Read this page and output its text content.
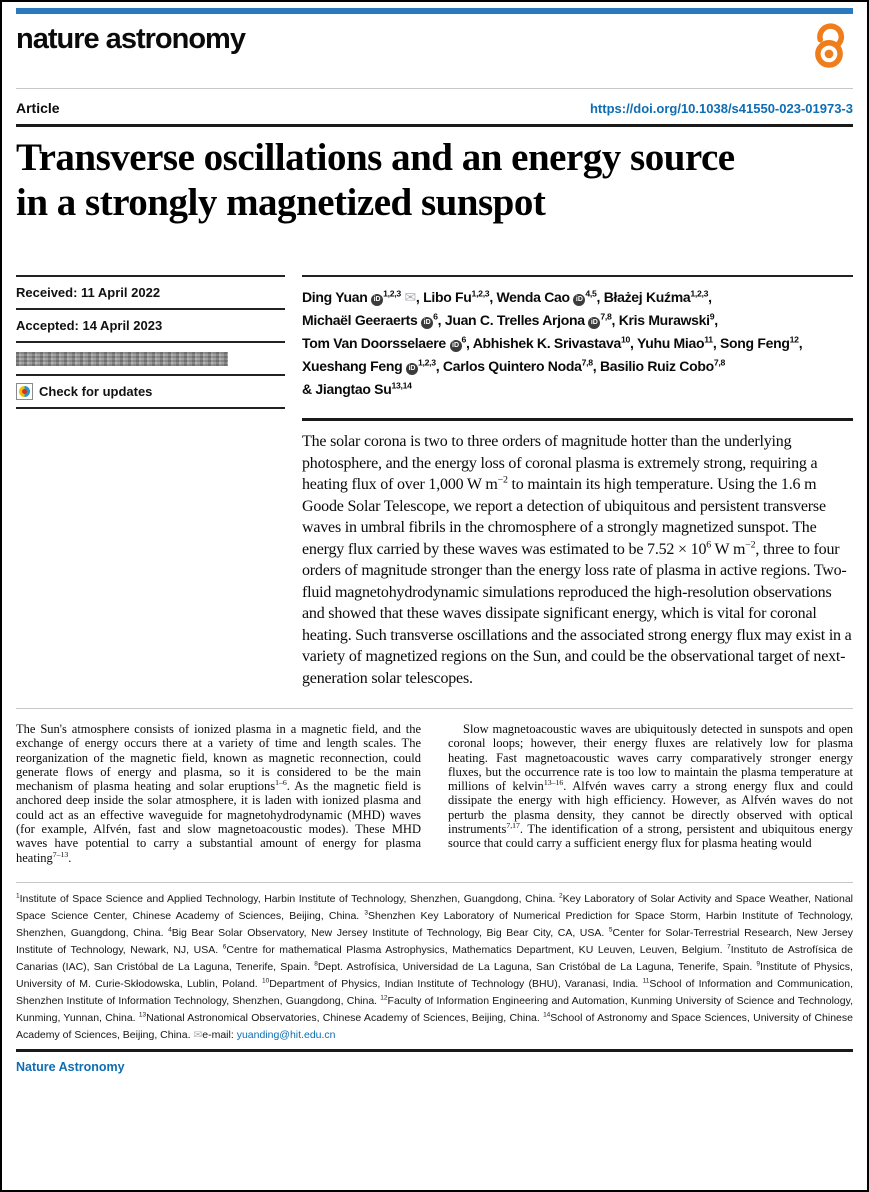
nature astronomy
Article	https://doi.org/10.1038/s41550-023-01973-3
Transverse oscillations and an energy source
in a strongly magnetized sunspot
Received: 11 April 2022
Accepted: 14 April 2023
Check for updates
Ding Yuan iD$^{1,2,3}$ ✉, Libo Fu$^{1,2,3}$, Wenda Cao iD$^{4,5}$, Błażej Kuźma$^{1,2,3}$,
Michaël Geeraerts $iD^6$, Juan C. Trelles Arjona iD$^{7,8}$, Kris Murawski$^9$,
Tom Van Doorsselaere $iD^6$, Abhishek K. Srivastava$^{10}$, Yuhu Miao$^{11}$, Song Feng$^{12}$,
Xueshang Feng iD$^{1,2,3}$, Carlos Quintero Noda$^{7,8}$, Basilio Ruiz Cobo$^{7,8}$
& Jiangtao Su$^{13,14}$

The solar corona is two to three orders of magnitude hotter than the underlying photosphere, and the energy loss of coronal plasma is extremely strong, requiring a heating flux of over 1,000 W $m^{-2}$ to maintain its high temperature. Using the 1.6 m Goode Solar Telescope, we report a detection of ubiquitous and persistent transverse waves in umbral fibrils in the chromosphere of a strongly magnetized sunspot. The energy flux carried by these waves was estimated to be $7.52 \times 10^6$ W $m^{-2}$, three to four orders of magnitude stronger than the energy loss rate of plasma in active regions. Two-fluid magnetohydrodynamic simulations reproduced the high-resolution observations and showed that these waves dissipate significant energy, which is vital for coronal heating. Such transverse oscillations and the associated strong energy flux may exist in a variety of magnetized regions on the Sun, and could be the observational target of next-generation solar telescopes.

The Sun's atmosphere consists of ionized plasma in a magnetic field, and the exchange of energy occurs there at a variety of time and length scales. The reorganization of the magnetic field, known as magnetic reconnection, could generate flows of energy and plasma, so it is considered to be the main mechanism of plasma heating and solar eruptions$^{1-6}$. As the magnetic field is anchored deep inside the solar atmosphere, it is laden with ionized plasma and could act as an effective waveguide for magnetohydrodynamic (MHD) waves (for example, Alfvén, fast and slow magnetoacoustic modes). These MHD waves have potential to carry a substantial amount of energy for plasma heating$^{7-13}$.

Slow magnetoacoustic waves are ubiquitously detected in sunspots and open coronal loops; however, their energy fluxes are relatively low for plasma heating. Fast magnetoacoustic waves carry comparatively stronger energy fluxes, but the occurrence rate is too low to maintain the plasma temperature at millions of kelvin$^{13-16}$. Alfvén waves carry a strong energy flux and could dissipate the energy with high efficiency. However, as Alfvén waves do not perturb the plasma density, they cannot be directly observed with optical instruments$^{7,17}$. The identification of a strong, persistent and ubiquitous energy source that could carry a sufficient energy flux for plasma heating would

$^1$Institute of Space Science and Applied Technology, Harbin Institute of Technology, Shenzhen, Guangdong, China. $^2$Key Laboratory of Solar Activity and Space Weather, National Space Science Center, Chinese Academy of Sciences, Beijing, China. $^3$Shenzhen Key Laboratory of Numerical Prediction for Space Storm, Harbin Institute of Technology, Shenzhen, Guangdong, China. $^4$Big Bear Solar Observatory, New Jersey Institute of Technology, Big Bear City, CA, USA. $^5$Center for Solar-Terrestrial Research, New Jersey Institute of Technology, Newark, NJ, USA. $^6$Centre for mathematical Plasma Astrophysics, Mathematics Department, KU Leuven, Leuven, Belgium. $^7$Instituto de Astrofísica de Canarias (IAC), San Cristóbal de La Laguna, Tenerife, Spain. $^8$Dept. Astrofísica, Universidad de La Laguna, San Cristóbal de La Laguna, Tenerife, Spain. $^9$Institute of Physics, University of M. Curie-Skłodowska, Lublin, Poland. $^{10}$Department of Physics, Indian Institute of Technology (BHU), Varanasi, India. $^{11}$School of Information and Communication, Shenzhen Institute of Information Technology, Shenzhen, Guangdong, China. $^{12}$Faculty of Information Engineering and Automation, Kunming University of Science and Technology, Kunming, Yunnan, China. $^{13}$National Astronomical Observatories, Chinese Academy of Sciences, Beijing, China. $^{14}$School of Astronomy and Space Sciences, University of Chinese Academy of Sciences, Beijing, China. ✉e-mail: yuanding@hit.edu.cn
Nature Astronomy
